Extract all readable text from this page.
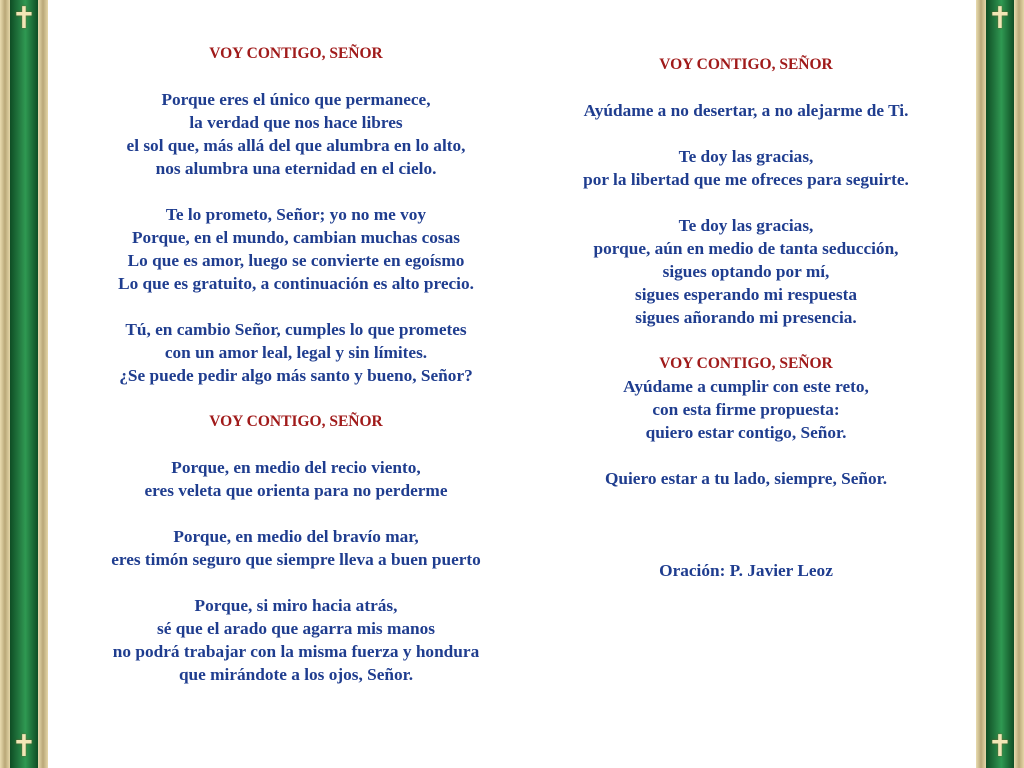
✝
✝
✝
✝
VOY CONTIGO, SEÑOR
Porque eres el único que permanece,
la verdad que nos hace libres
el sol que, más allá del que alumbra en lo alto,
nos alumbra una eternidad en el cielo.
Te lo prometo, Señor; yo no me voy
Porque, en el mundo, cambian muchas cosas
Lo que es amor, luego se convierte en egoísmo
Lo que es gratuito, a continuación es alto precio.
Tú, en cambio Señor, cumples lo que prometes
con un amor leal, legal y sin límites.
¿Se puede pedir algo más santo y bueno, Señor?
VOY CONTIGO, SEÑOR
Porque, en medio del recio viento,
eres veleta que orienta para no perderme
Porque, en medio del bravío mar,
eres timón seguro que siempre lleva a buen puerto
Porque, si miro hacia atrás,
sé que el arado que agarra mis manos
no podrá trabajar con la misma fuerza y hondura
que mirándote a los ojos, Señor.
VOY CONTIGO, SEÑOR
Ayúdame a no desertar, a no alejarme de Ti.
Te doy las gracias,
por la libertad que me ofreces para seguirte.
Te doy las gracias,
porque, aún en medio de tanta seducción,
sigues optando por mí,
sigues esperando mi respuesta
sigues añorando mi presencia.
VOY CONTIGO, SEÑOR
Ayúdame a cumplir con este reto,
con esta firme propuesta:
quiero estar contigo, Señor.
Quiero estar a tu lado, siempre, Señor.
Oración: P. Javier Leoz
